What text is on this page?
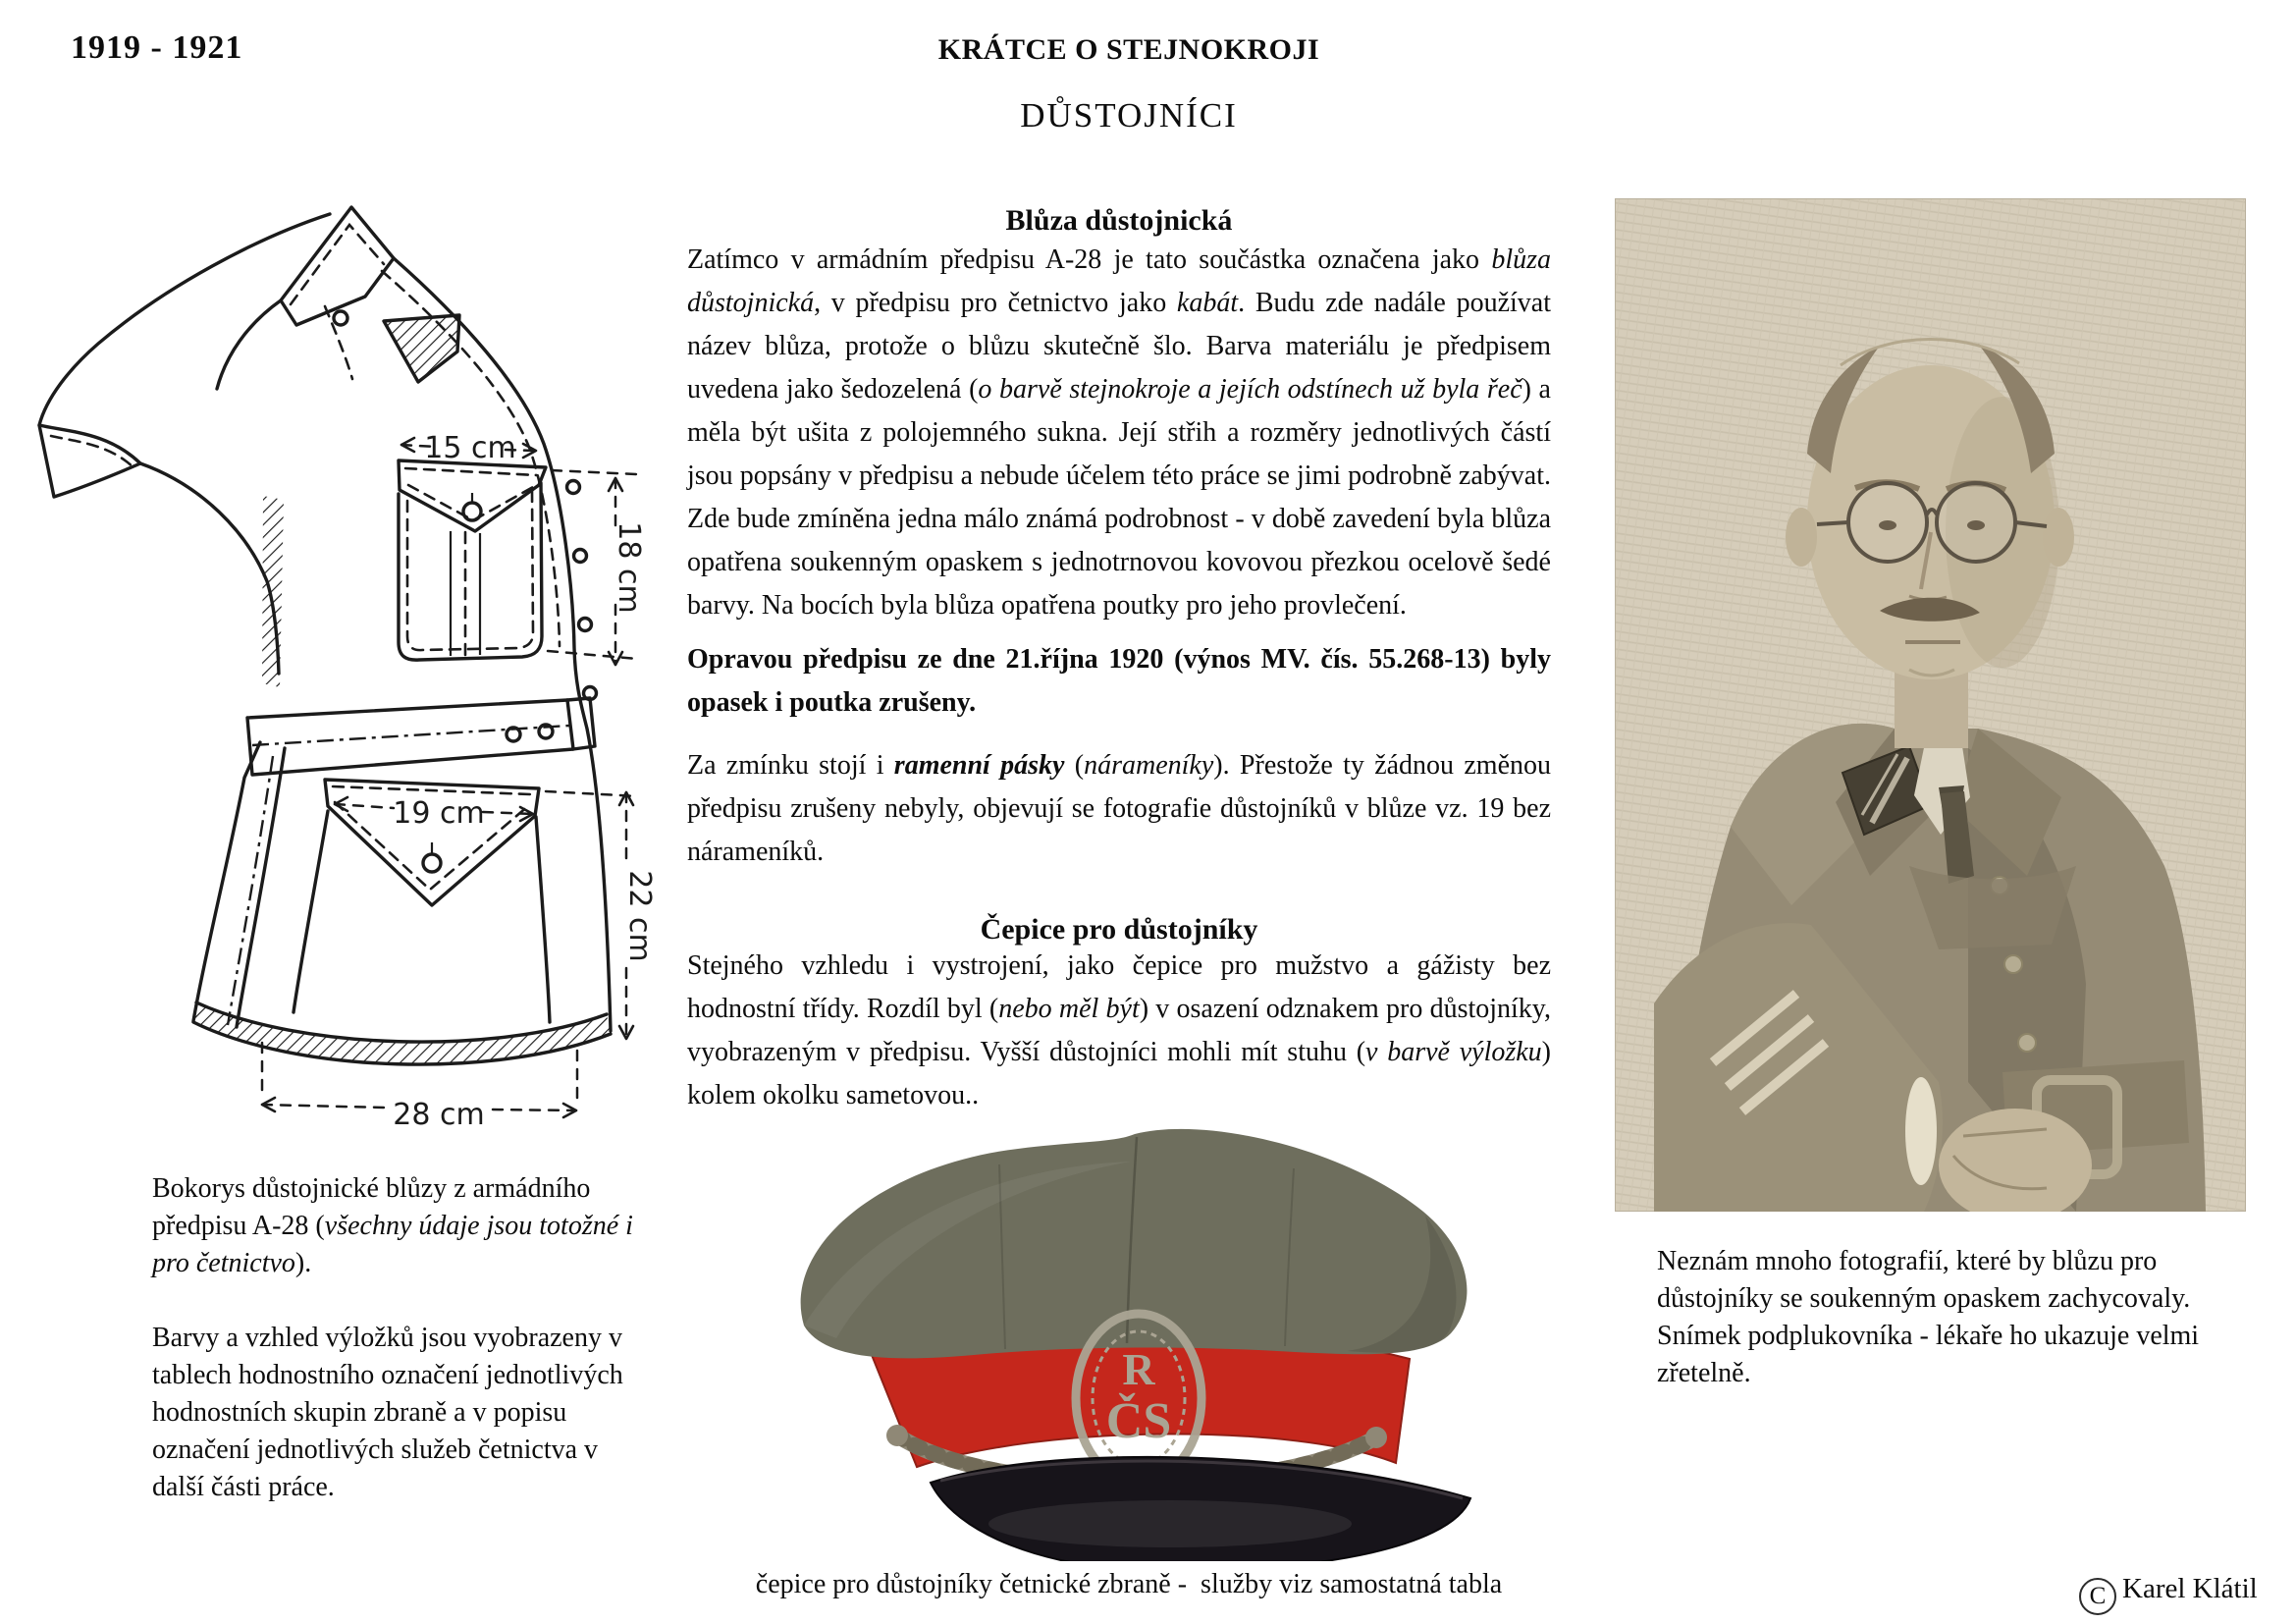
1919 - 1921	KRÁTCE O STEJNOKROJI
DŮSTOJNÍCI
15 cm
18 cm
19 cm
22 cm
28 cm

Bokorys důstojnické blůzy z armádního předpisu A-28 (všechny údaje jsou totožné i pro četnictvo).

Barvy a vzhled výložků jsou vyobrazeny v tablech hodnostního označení jednotlivých hodnostních skupin zbraně a v popisu označení jednotlivých služeb četnictva v další části práce.

Blůza důstojnická

Zatímco v armádním předpisu A-28 je tato součástka označena jako blůza důstojnická, v předpisu pro četnictvo jako kabát. Budu zde nadále používat název blůza, protože o blůzu skutečně šlo. Barva materiálu je předpisem uvedena jako šedozelená (o barvě stejnokroje a jejích odstínech už byla řeč) a měla být ušita z polojemného sukna. Její střih a rozměry jednotlivých částí jsou popsány v předpisu a nebude účelem této práce se jimi podrobně zabývat. Zde bude zmíněna jedna málo známá podrobnost - v době zavedení byla blůza opatřena soukenným opaskem s jednotrnovou kovovou přezkou ocelově šedé barvy. Na bocích byla blůza opatřena poutky pro jeho provlečení.

Opravou předpisu ze dne 21.října 1920 (výnos MV. čís. 55.268-13) byly opasek i poutka zrušeny.

Za zmínku stojí i ramenní pásky (nárameníky). Přestože ty žádnou změnou předpisu zrušeny nebyly, objevují se fotografie důstojníků v blůze vz. 19 bez nárameníků.

Čepice pro důstojníky

Stejného vzhledu i vystrojení, jako čepice pro mužstvo a gážisty bez hodnostní třídy. Rozdíl byl (nebo měl být) v osazení odznakem pro důstojníky, vyobrazeným v předpisu. Vyšší důstojníci mohli mít stuhu (v barvě výložku) kolem okolku sametovou..

R
ČS
čepice pro důstojníky četnické zbraně -  služby viz samostatná tabla
Neznám mnoho fotografií, které by blůzu pro důstojníky se soukenným opaskem zachycovaly. Snímek podplukovníka - lékaře ho ukazuje velmi zřetelně.
C Karel Klátil
